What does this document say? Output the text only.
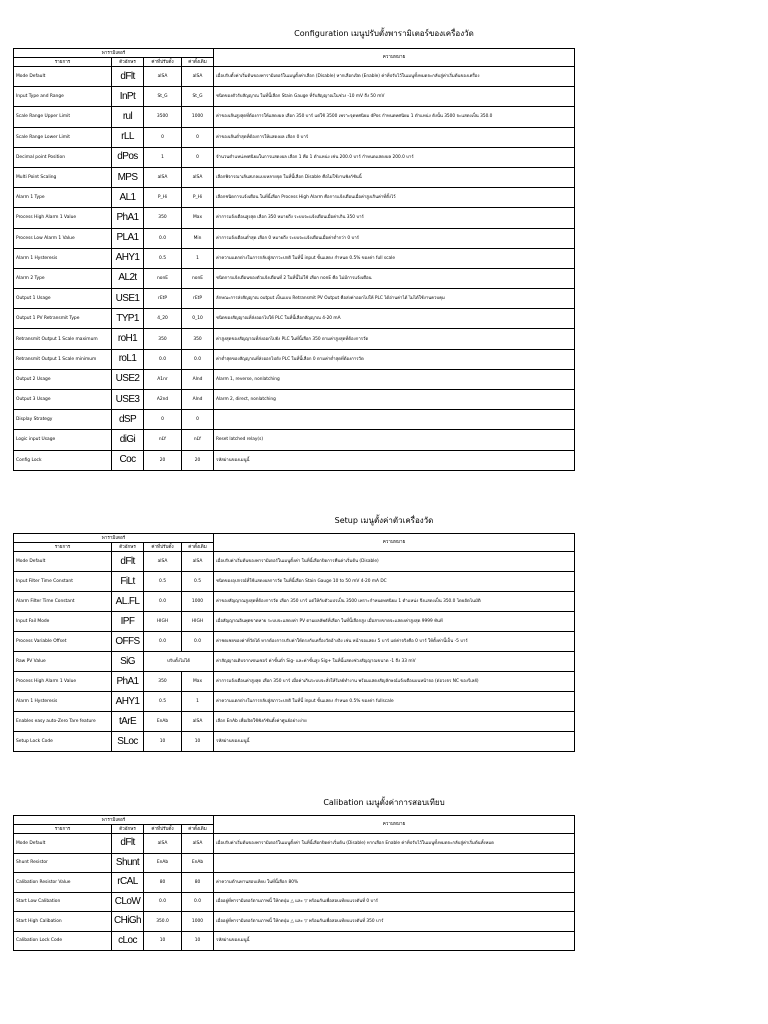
Configuration เมนูปรับตั้งพารามิเตอร์ของเครื่องวัด
พารามิเตอร์				ความหมาย
รายการ	ตัวอักษร	ค่าที่ปรับตั้ง	ค่าตั้งเดิม	
Mode Default	dFlt	alSA	alSA	เมื่อปรับตั้งค่าเริ่มต้นของพารามิเตอร์ในเมนูตั้งค่าเลือก (Disable) หากเลือกเปิด (Enable) ค่าที่ปรับไว้ในเมนูทั้งหมดจะกลับสู่ค่าเริ่มต้นของเครื่อง
Input Type and Range	InPt	St_G	St_G	ชนิดของตัวรับสัญญาณ ในที่นี้เลือก Stain Gauge ที่รับสัญญาณในช่วง -10 mV ถึง 50 mV
Scale Range Upper Limit	rul	3500	1000	ค่าของเส้นสูงสุดที่ต้องการให้แสดงผล เลือก 350 บาร์ แต่ใช้ 3500 เพราะจุดทศนิยม dPos กำหนดทศนิยม 1 ตำแหน่ง ดังนั้น 3500 จะแสดงเป็น 350.0
Scale Range Lower Limit	rLL	0	0	ค่าของเส้นต่ำสุดที่ต้องการให้แสดงผล เลือก 0 บาร์
Decimal point Position	dPos	1	0	จำนวนตำแหน่งทศนิยมในการแสดงผล เลือก 1 คือ 1 ตำแหน่ง เช่น 200.0 บาร์ กำหนดแสดงผล 200.0 บาร์
Multi Point Scaling	MPS	alSA	alSA	เลือกพิจารณาเส้นสเกลแบบหลายจุด ในที่นี้เลือก Disable คือไม่ใช้งานฟังก์ชันนี้
Alarm 1 Type	AL1	P_Hi	P_Hi	เลือกชนิดการแจ้งเตือน ในที่นี้เลือก Process High Alarm คือการแจ้งเตือนเมื่อค่าสูงเกินค่าที่ตั้งไว้
Process High Alarm 1 Value	PhA1	350	Max	ค่าการแจ้งเตือนสูงสุด เลือก 350 หมายถึง ระบบจะแจ้งเตือนเมื่อค่าเกิน 350 บาร์
Process Low Alarm 1 Value	PLA1	0.0	Min	ค่าการแจ้งเตือนต่ำสุด เลือก 0 หมายถึง ระบบจะแจ้งเตือนเมื่อค่าต่ำกว่า 0 บาร์
Alarm 1 Hysteresis	AHY1	0.5	1	ค่าความแตกต่างในการกลับสู่สภาวะปกติ ในที่นี้ input ขั้นแสดง กำหนด 0.5% ของค่า full scale
Alarm 2 Type	AL2t	nonE	nonE	ชนิดการแจ้งเตือนของตัวแจ้งเตือนที่ 2 ในที่นี้ไม่ใช้ เลือก nonE คือ ไม่มีการแจ้งเตือน
Output 1 Usage	USE1	rEtP	rEtP	ลักษณะการส่งสัญญาณ output เป็นแบบ Retransmit PV Output คือส่งค่าออกไปให้ PLC ได้อ่านค่าได้ ไม่ได้ใช้งานควบคุม
Output 1 PV Retransmit Type	TYP1	4_20	0_10	ชนิดของสัญญาณที่ส่งออกไปให้ PLC ในที่นี้เลือกสัญญาณ 4-20 mA
Retransmit Output 1 Scale maximum	roH1	350	350	ค่าสูงสุดของสัญญาณที่ส่งออกไปยัง PLC ในที่นี้เลือก 350 ตามค่าสูงสุดที่ต้องการวัด
Retransmit Output 1 Scale minimum	roL1	0.0	0.0	ค่าต่ำสุดของสัญญาณที่ส่งออกไปยัง PLC ในที่นี้เลือก 0 ตามค่าต่ำสุดที่ต้องการวัด
Output 2 Usage	USE2	A1nr	Alnd	Alarm 1, reverse, nonlatching
Output 3 Usage	USE3	A2nd	Alnd	Alarm 2, direct, nonlatching
Display Strategy	dSP	0	0	
Logic input Usage	diGi	nLY	nLY	Reset latched relay(s)
Config Lock	Coc	20	20	รหัสผ่านของเมนูนี้
Setup เมนูตั้งค่าตัวเครื่องวัด
พารามิเตอร์				ความหมาย
รายการ	ตัวอักษร	ค่าที่ปรับตั้ง	ค่าตั้งเดิม	
Mode Default	dFlt	alSA	alSA	เมื่อปรับค่าเริ่มต้นของพารามิเตอร์ในเมนูตั้งค่า ในที่นี้เลือกปิดการคืนค่าเริ่มต้น (Disable)
Input Filter Time Constant	FiLt	0.5	0.5	ชนิดของอุปกรณ์ที่ใช้แสดงผลการวัด ในที่นี้เลือก Stain Gauge 10 to 50 mV 4-20 mA DC
Alarm Filter Time Constant	AL.FL	0.0	1000	ค่าของสัญญาณสูงสุดที่ต้องการวัด เลือก 350 บาร์ แต่ให้กับตัวแปรเป็น 3500 เพราะกำหนดทศนิยม 1 ตำแหน่ง จึงแสดงเป็น 350.0 โดยอัตโนมัติ
Input Fail Mode	IPF	HIGH	HIGH	เมื่อสัญญาณอินพุตขาดหาย ระบบจะแสดงค่า PV ตามผลลัพธ์ที่เลือก ในที่นี้เลือกสูง เมื่อสายขาดจะแสดงค่าสูงสุด 9999 ทันที
Process Variable Offset	OFFS	0.0	0.0	ค่าชดเชยของค่าที่วัดได้ หากต้องการปรับค่าให้ตรงกับเครื่องวัดอ้างอิง เช่น หน้าจอแสดง 5 บาร์ แต่ค่าจริงคือ 0 บาร์ ให้ตั้งค่านี้เป็น -5 บาร์
Raw PV Value	SiG	ปรับตั้งไม่ได้		ค่าสัญญาณดิบจากเซนเซอร์ ค่าขั้นต่ำ Sig- และค่าขั้นสูง Sig+ ในที่นี้แสดงช่วงสัญญาณขนาด -1 ถึง 33 mV
Process High Alarm 1 Value	PhA1	350	Max	ค่าการแจ้งเตือนค่าสูงสุด เลือก 350 บาร์ เมื่อค่าเกินระบบจะสั่งให้รีเลย์ทำงาน พร้อมแสดงสัญลักษณ์แจ้งเตือนบนหน้าจอ (ต่อวงจร NC ของรีเลย์)
Alarm 1 Hysteresis	AHY1	0.5	1	ค่าความแตกต่างในการกลับสู่สภาวะปกติ ในที่นี้ input ขั้นแสดง กำหนด 0.5% ของค่า fullscale
Enables easy auto-Zero Tare feature	tArE	EnAb	alSA	เลือก EnAb เพื่อเปิดใช้ฟังก์ชันตั้งค่าศูนย์อย่างง่าย
Setup Lock Code	SLoc	10	10	รหัสผ่านของเมนูนี้
Calibation เมนูตั้งค่าการสอบเทียบ
พารามิเตอร์				ความหมาย
รายการ	ตัวอักษร	ค่าที่ปรับตั้ง	ค่าตั้งเดิม	
Mode Default	dFlt	alSA	alSA	เมื่อปรับค่าเริ่มต้นของพารามิเตอร์ในเมนูตั้งค่า ในที่นี้เลือกปิดค่าเริ่มต้น (Disable) หากเลือก Enable ค่าที่ปรับไว้ในเมนูทั้งหมดจะกลับสู่ค่าเริ่มต้นทั้งหมด
Shunt Resistor	Shunt	EnAb	EnAb	
Calibation Resistor Value	rCAL	80	80	ค่าความต้านทานสอบเทียบ ในที่นี้เลือก 80%
Start Low Calibation	CLoW	0.0	0.0	เมื่ออยู่ที่พารามิเตอร์ตามภาพนี้ ให้กดปุ่ม △ และ ▽ พร้อมกันเพื่อสอบเทียบแรงดันที่ 0 บาร์
Start High Calibation	CHiGh	350.0	1000	เมื่ออยู่ที่พารามิเตอร์ตามภาพนี้ ให้กดปุ่ม △ และ ▽ พร้อมกันเพื่อสอบเทียบแรงดันที่ 350 บาร์
Calibation Lock Code	cLoc	10	10	รหัสผ่านของเมนูนี้
